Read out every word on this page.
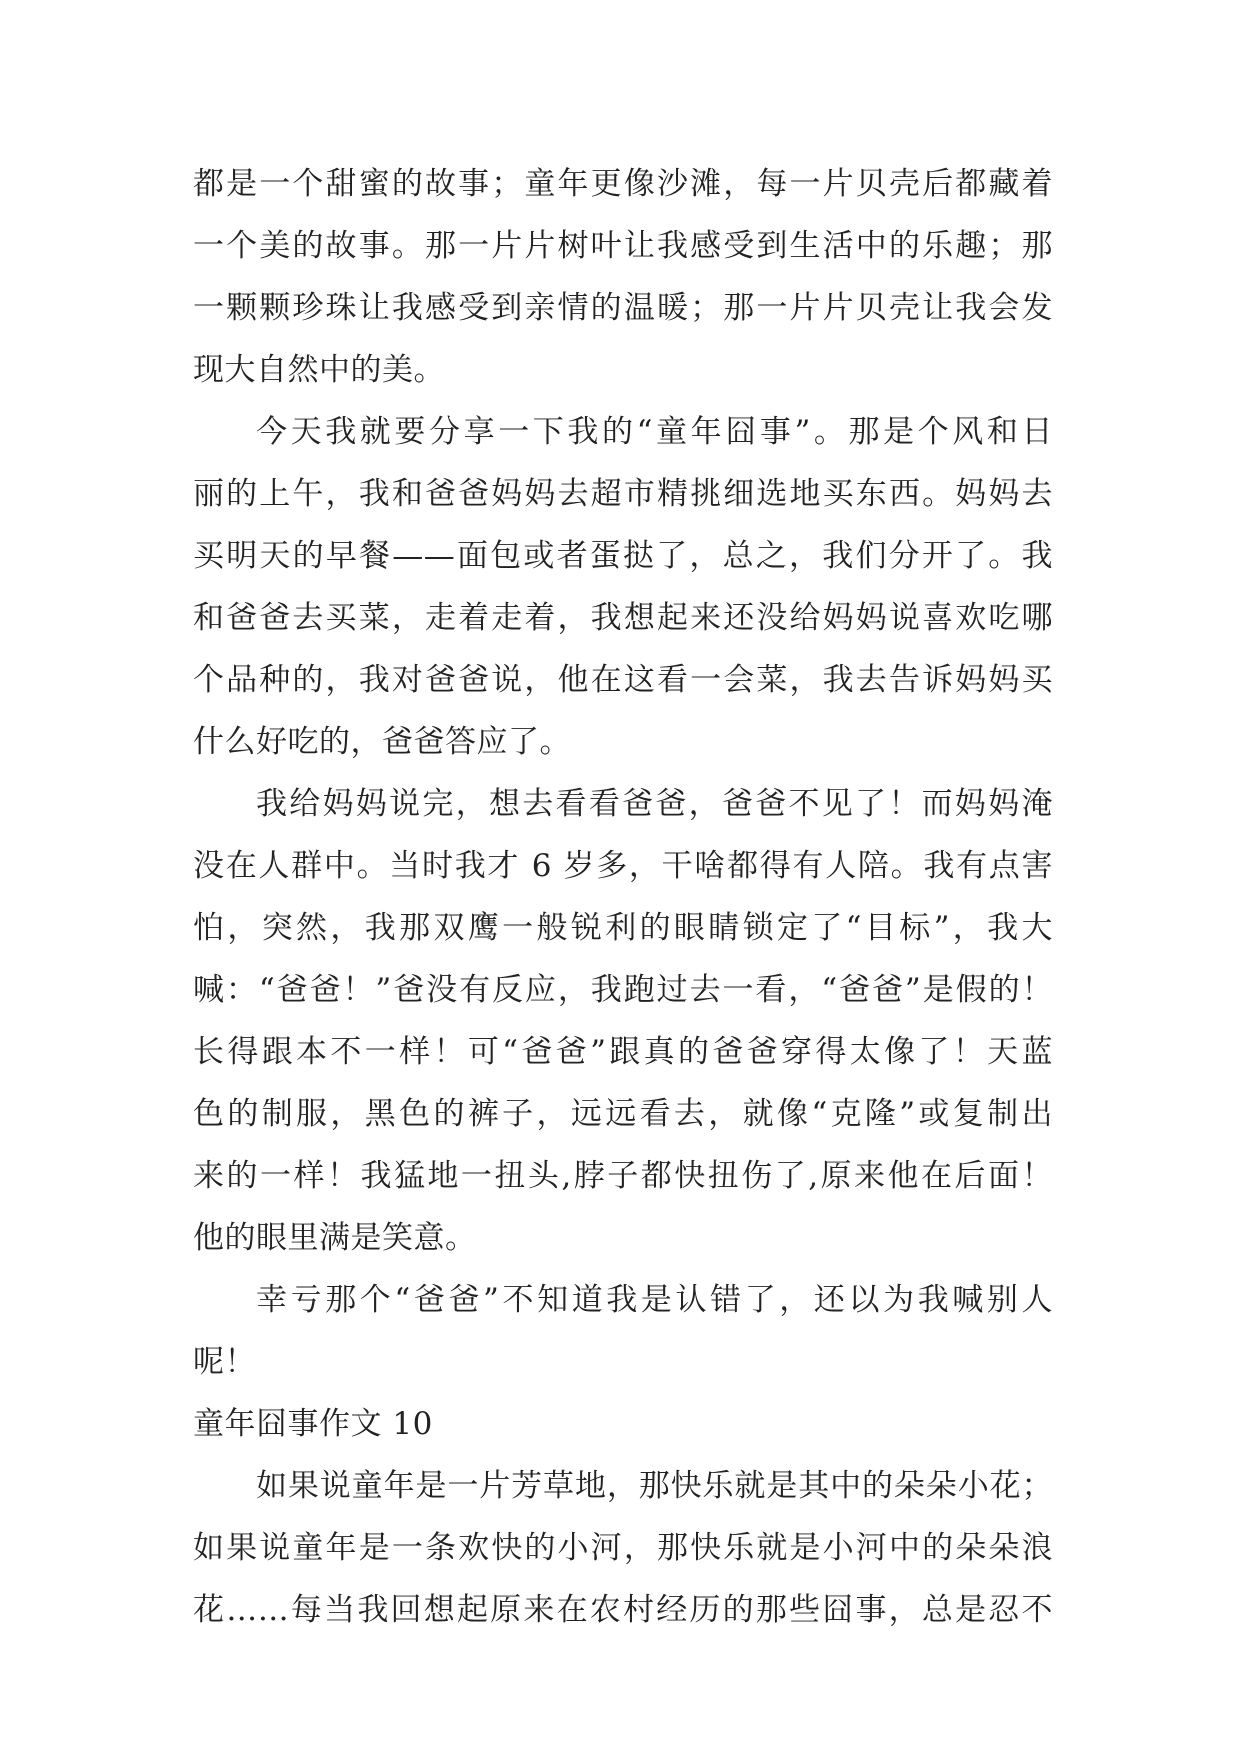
都是一个甜蜜的故事；童年更像沙滩，每一片贝壳后都藏着
一个美的故事。那一片片树叶让我感受到生活中的乐趣；那
一颗颗珍珠让我感受到亲情的温暖；那一片片贝壳让我会发
现大自然中的美。
今天我就要分享一下我的“童年囧事”。那是个风和日
丽的上午，我和爸爸妈妈去超市精挑细选地买东西。妈妈去
买明天的早餐——面包或者蛋挞了，总之，我们分开了。我
和爸爸去买菜，走着走着，我想起来还没给妈妈说喜欢吃哪
个品种的，我对爸爸说，他在这看一会菜，我去告诉妈妈买
什么好吃的，爸爸答应了。
我给妈妈说完，想去看看爸爸，爸爸不见了！而妈妈淹
没在人群中。当时我才 6 岁多，干啥都得有人陪。我有点害
怕，突然，我那双鹰一般锐利的眼睛锁定了“目标”，我大
喊：“爸爸！”爸没有反应，我跑过去一看，“爸爸”是假的！
长得跟本不一样！可“爸爸”跟真的爸爸穿得太像了！天蓝
色的制服，黑色的裤子，远远看去，就像“克隆”或复制出
来的一样！我猛地一扭头,脖子都快扭伤了,原来他在后面！
他的眼里满是笑意。
幸亏那个“爸爸”不知道我是认错了，还以为我喊别人
呢！
童年囧事作文 10
如果说童年是一片芳草地，那快乐就是其中的朵朵小花；
如果说童年是一条欢快的小河，那快乐就是小河中的朵朵浪
花……每当我回想起原来在农村经历的那些囧事，总是忍不
